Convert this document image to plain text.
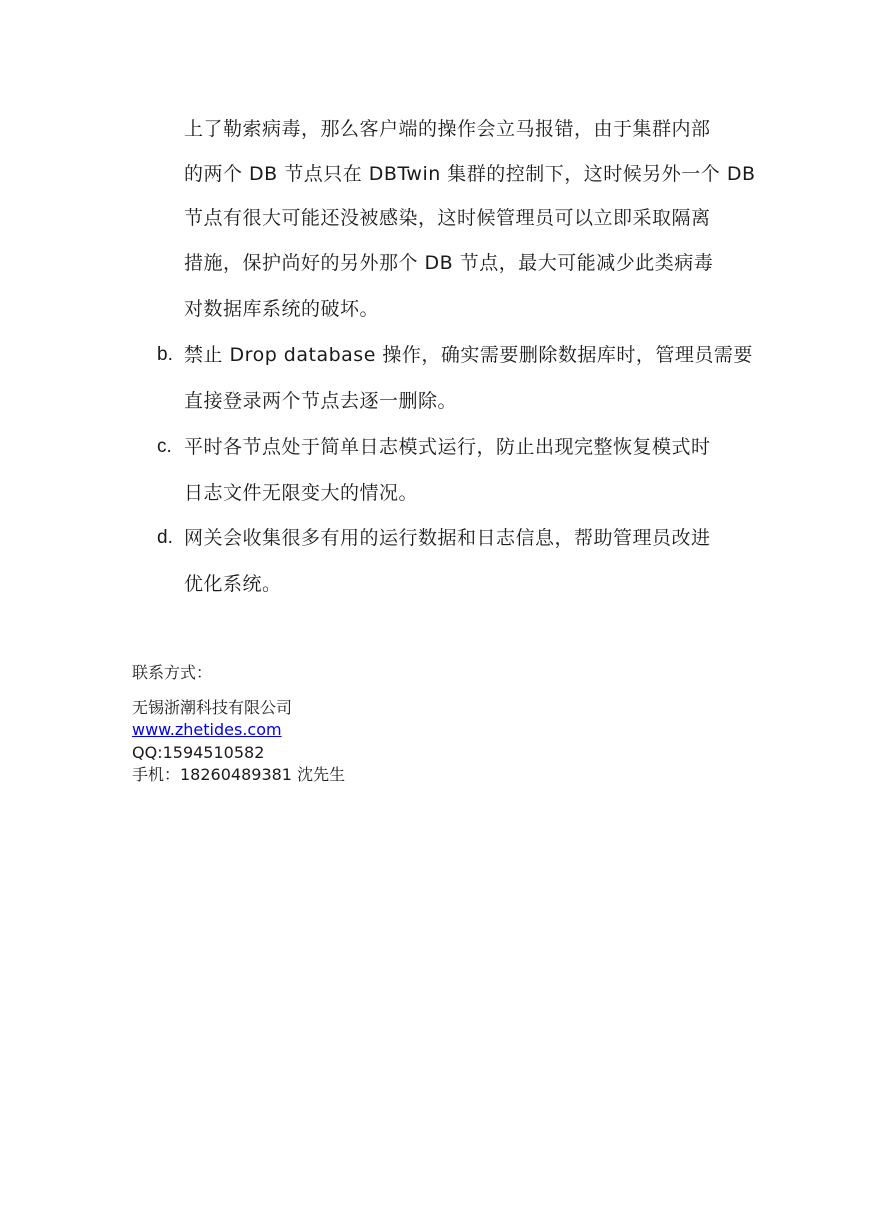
上了勒索病毒，那么客户端的操作会立马报错，由于集群内部
的两个 DB 节点只在 DBTwin 集群的控制下，这时候另外一个 DB
节点有很大可能还没被感染，这时候管理员可以立即采取隔离
措施，保护尚好的另外那个 DB 节点，最大可能减少此类病毒
对数据库系统的破坏。
b. 禁止 Drop database 操作，确实需要删除数据库时，管理员需要
直接登录两个节点去逐一删除。
c. 平时各节点处于简单日志模式运行，防止出现完整恢复模式时
日志文件无限变大的情况。
d. 网关会收集很多有用的运行数据和日志信息，帮助管理员改进
优化系统。
联系方式：
无锡浙潮科技有限公司
www.zhetides.com
QQ:1594510582
手机：18260489381 沈先生
